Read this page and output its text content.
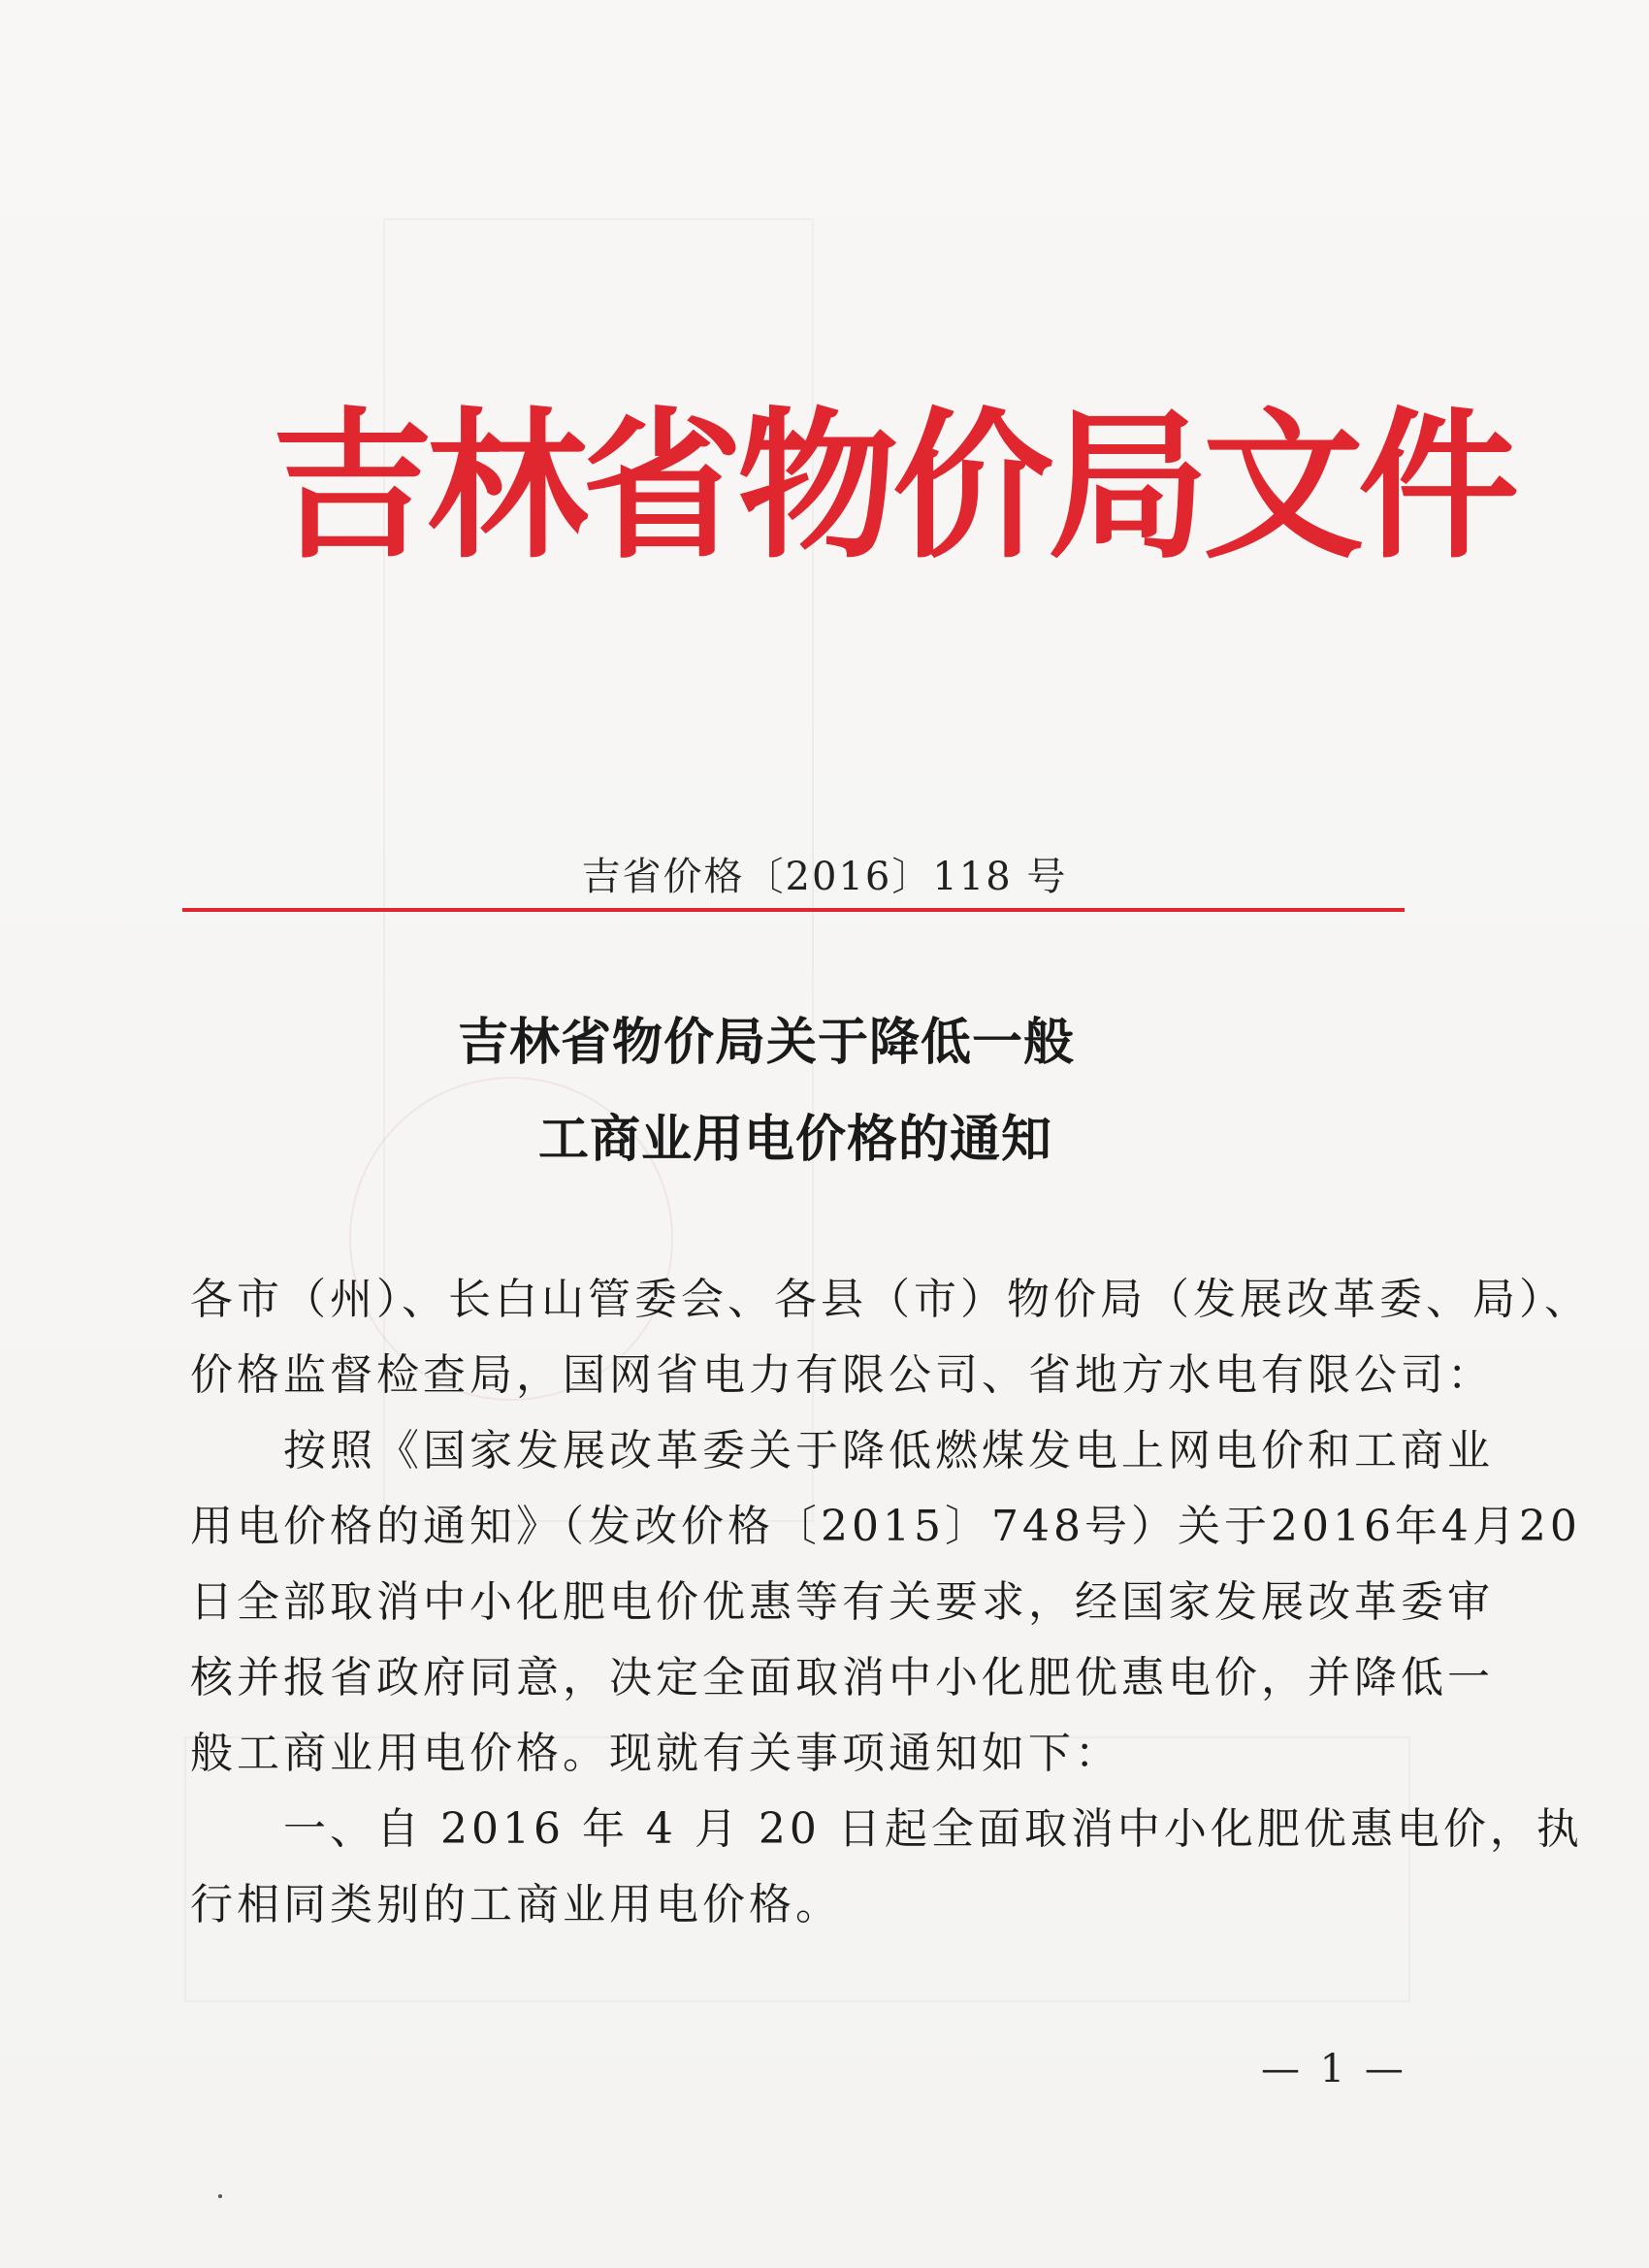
吉林省物价局文件
吉省价格〔2016〕118 号
吉林省物价局关于降低一般
工商业用电价格的通知
各市（州）、长白山管委会、各县（市）物价局（发展改革委、局）、
价格监督检查局，国网省电力有限公司、省地方水电有限公司：
　　按照《国家发展改革委关于降低燃煤发电上网电价和工商业
用电价格的通知》（发改价格〔2015〕748号）关于2016年4月20
日全部取消中小化肥电价优惠等有关要求，经国家发展改革委审
核并报省政府同意，决定全面取消中小化肥优惠电价，并降低一
般工商业用电价格。现就有关事项通知如下：
　　一、自 2016 年 4 月 20 日起全面取消中小化肥优惠电价，执
行相同类别的工商业用电价格。
— 1 —
